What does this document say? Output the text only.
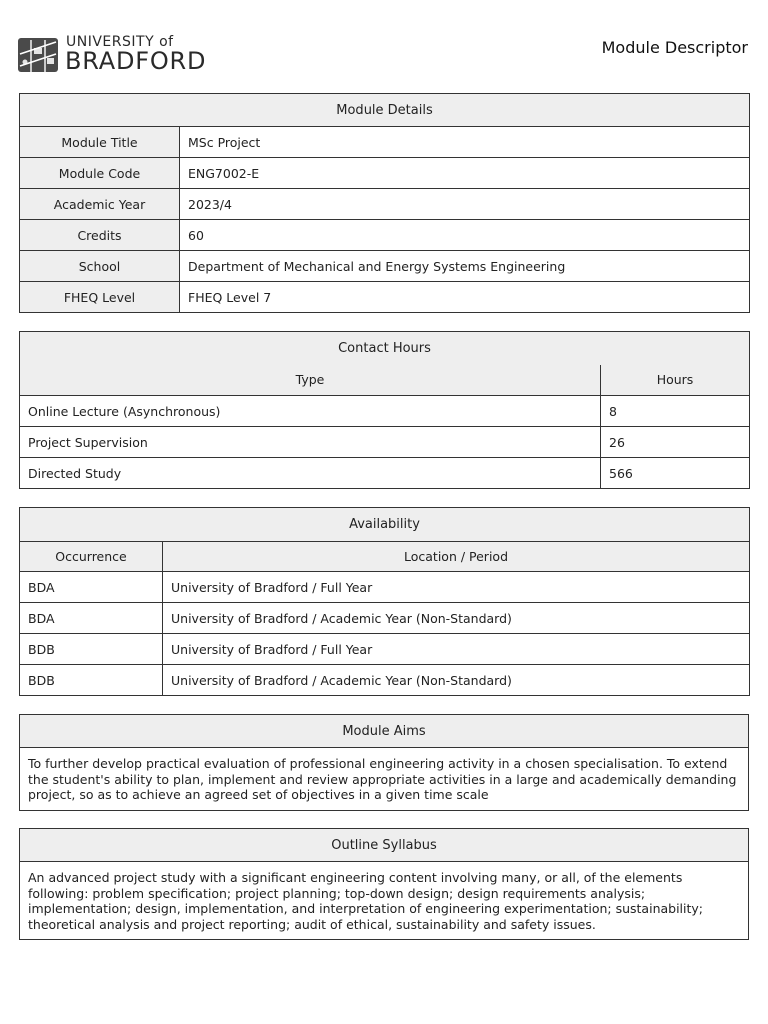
UNIVERSITY of
BRADFORD	Module Descriptor
Module Details	
Module Title	MSc Project
Module Code	ENG7002-E
Academic Year	2023/4
Credits	60
School	Department of Mechanical and Energy Systems Engineering
FHEQ Level	FHEQ Level 7
Contact Hours	
Type	Hours
Online Lecture (Asynchronous)	8
Project Supervision	26
Directed Study	566
Availability	
Occurrence	Location / Period
BDA	University of Bradford / Full Year
BDA	University of Bradford / Academic Year (Non-Standard)
BDB	University of Bradford / Full Year
BDB	University of Bradford / Academic Year (Non-Standard)
Module Aims
To further develop practical evaluation of professional engineering activity in a chosen specialisation. To extend the student's ability to plan, implement and review appropriate activities in a large and academically demanding project, so as to achieve an agreed set of objectives in a given time scale
Outline Syllabus
An advanced project study with a significant engineering content involving many, or all, of the elements following: problem specification; project planning; top-down design; design requirements analysis; implementation; design, implementation, and interpretation of engineering experimentation; sustainability; theoretical analysis and project reporting; audit of ethical, sustainability and safety issues.
